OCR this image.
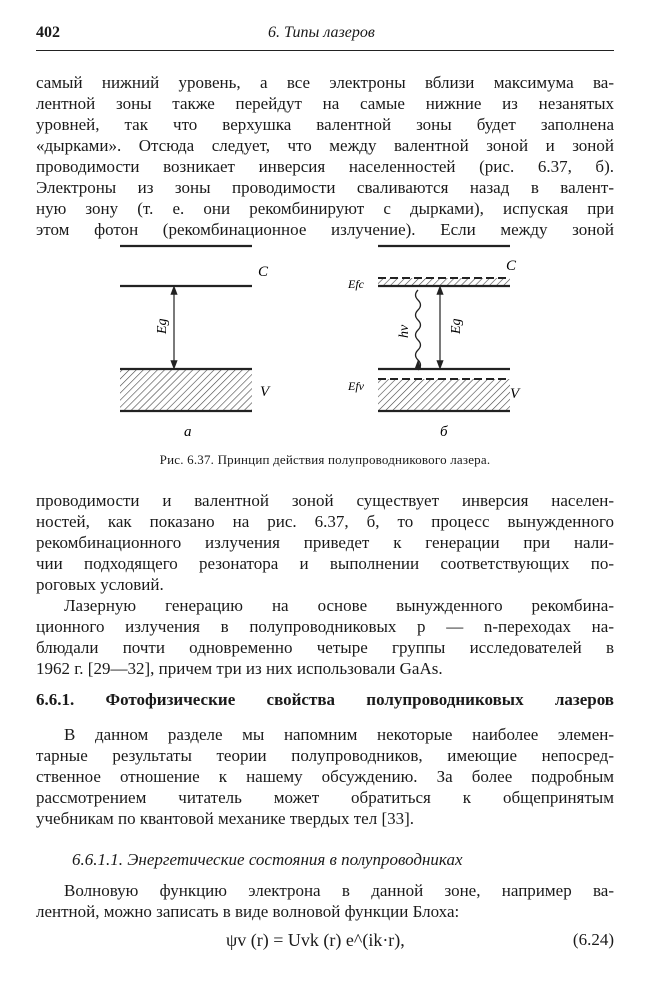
402	6. Типы лазеров
самый нижний уровень, а все электроны вблизи максимума ва-
лентной зоны также перейдут на самые нижние из незанятых
уровней, так что верхушка валентной зоны будет заполнена
«дырками». Отсюда следует, что между валентной зоной и зоной
проводимости возникает инверсия населенностей (рис. 6.37, б).
Электроны из зоны проводимости сваливаются назад в валент-
ную зону (т. е. они рекомбинируют с дырками), испуская при
этом фотон (рекомбинационное излучение). Если между зоной
C
Eg
V
а
C
Efc
hν	Eg
Efv	V
б
Рис. 6.37. Принцип действия полупроводникового лазера.
проводимости и валентной зоной существует инверсия населен-
ностей, как показано на рис. 6.37, б, то процесс вынужденного
рекомбинационного излучения приведет к генерации при нали-
чии подходящего резонатора и выполнении соответствующих по-
роговых условий.
Лазерную генерацию на основе вынужденного рекомбина-
ционного излучения в полупроводниковых p — n-переходах на-
блюдали почти одновременно четыре группы исследователей в
1962 г. [29—32], причем три из них использовали GaAs.
6.6.1. Фотофизические свойства полупроводниковых лазеров
В данном разделе мы напомним некоторые наиболее элемен-
тарные результаты теории полупроводников, имеющие непосред-
ственное отношение к нашему обсуждению. За более подробным
рассмотрением читатель может обратиться к общепринятым
учебникам по квантовой механике твердых тел [33].
6.6.1.1. Энергетические состояния в полупроводниках
Волновую функцию электрона в данной зоне, например ва-
лентной, можно записать в виде волновой функции Блоха:
ψv (r) = Uvk (r) e^(ik·r),	(6.24)
